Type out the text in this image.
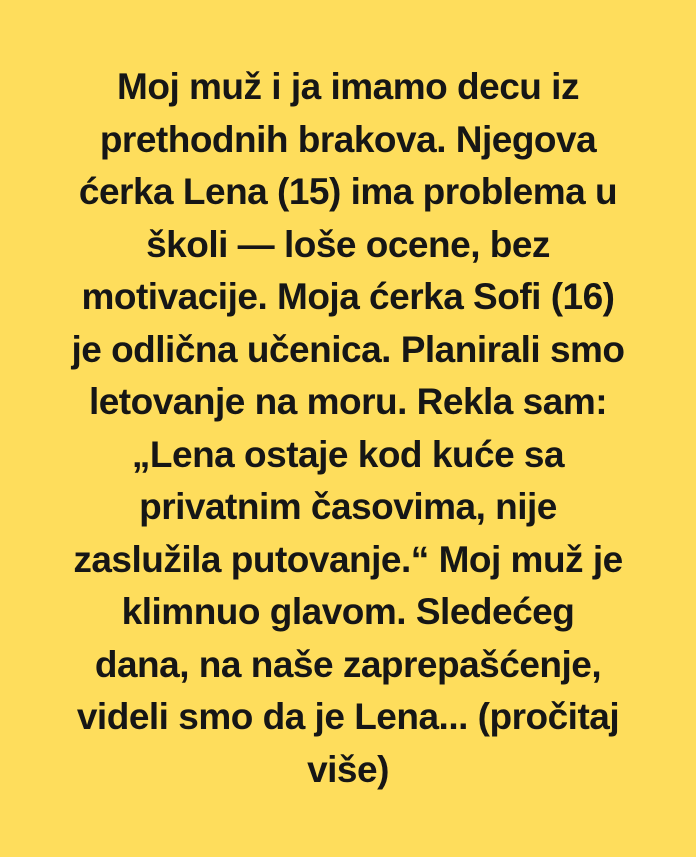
Moj muž i ja imamo decu iz
prethodnih brakova. Njegova
ćerka Lena (15) ima problema u
školi — loše ocene, bez
motivacije. Moja ćerka Sofi (16)
je odlična učenica. Planirali smo
letovanje na moru. Rekla sam:
„Lena ostaje kod kuće sa
privatnim časovima, nije
zaslužila putovanje.“ Moj muž je
klimnuo glavom. Sledećeg
dana, na naše zaprepašćenje,
videli smo da je Lena... (pročitaj
više)
